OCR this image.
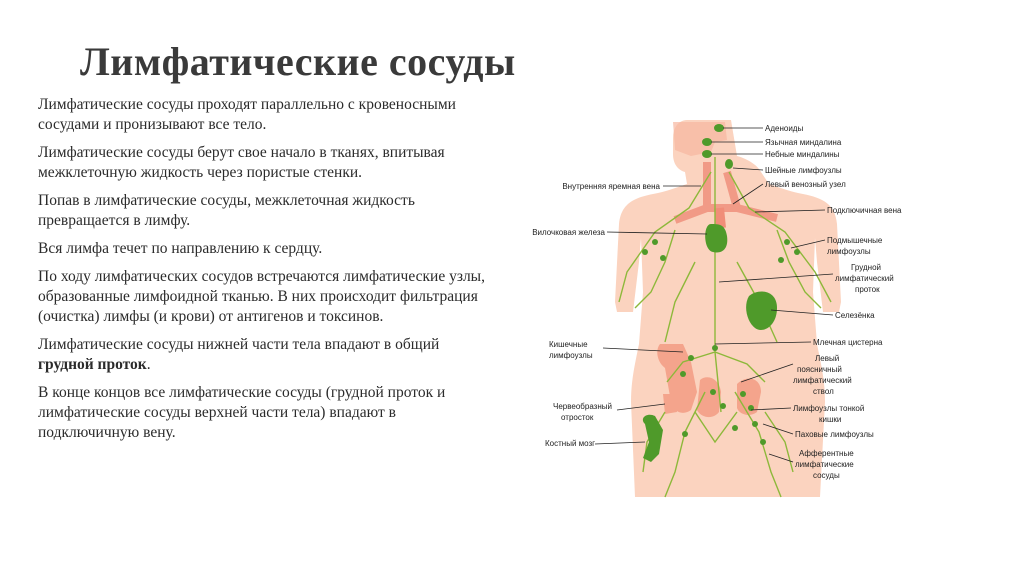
Лимфатические сосуды

Лимфатические сосуды проходят параллельно с кровеносными сосудами и пронизывают все тело.

Лимфатические сосуды берут свое начало в тканях, впитывая межклеточную жидкость через пористые стенки.

Попав в лимфатические сосуды, межклеточная жидкость превращается в лимфу.

Вся лимфа течет по направлению к сердцу.

По ходу лимфатических сосудов встречаются лимфатические узлы, образованные лимфоидной тканью. В них происходит фильтрация (очистка) лимфы (и крови) от антигенов и токсинов.

Лимфатические сосуды нижней части тела впадают в общий грудной проток.

В конце концов все лимфатические сосуды (грудной проток и лимфатические сосуды верхней части тела) впадают в подключичную вену.

Аденоиды
Язычная миндалина
Небные миндалины
Шейные лимфоузлы
Левый венозный узел
Подключичная вена
Подмышечные лимфоузлы
Грудной лимфатический проток
Селезёнка
Млечная цистерна
Левый поясничный лимфатический ствол
Лимфоузлы тонкой кишки
Паховые лимфоузлы
Афферентные лимфатические сосуды
Внутренняя яремная вена
Вилочковая железа
Кишечные лимфоузлы
Червеобразный отросток
Костный мозг
